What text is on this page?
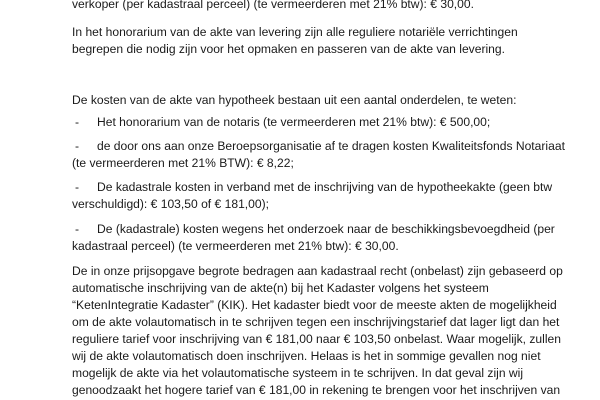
verkoper (per kadastraal perceel) (te vermeerderen met 21% btw): € 30,00.
In het honorarium van de akte van levering zijn alle reguliere notariële verrichtingen
begrepen die nodig zijn voor het opmaken en passeren van de akte van levering.
De kosten van de akte van hypotheek bestaan uit een aantal onderdelen, te weten:
- Het honorarium van de notaris (te vermeerderen met 21% btw): € 500,00;
- de door ons aan onze Beroepsorganisatie af te dragen kosten Kwaliteitsfonds Notariaat
(te vermeerderen met 21% BTW): € 8,22;
- De kadastrale kosten in verband met de inschrijving van de hypotheekakte (geen btw
verschuldigd): € 103,50 of € 181,00);
- De (kadastrale) kosten wegens het onderzoek naar de beschikkingsbevoegdheid (per
kadastraal perceel) (te vermeerderen met 21% btw): € 30,00.
De in onze prijsopgave begrote bedragen aan kadastraal recht (onbelast) zijn gebaseerd op
automatische inschrijving van de akte(n) bij het Kadaster volgens het systeem
“KetenIntegratie Kadaster” (KIK). Het kadaster biedt voor de meeste akten de mogelijkheid
om de akte volautomatisch in te schrijven tegen een inschrijvingstarief dat lager ligt dan het
reguliere tarief voor inschrijving van € 181,00 naar € 103,50 onbelast. Waar mogelijk, zullen
wij de akte volautomatisch doen inschrijven. Helaas is het in sommige gevallen nog niet
mogelijk de akte via het volautomatische systeem in te schrijven. In dat geval zijn wij
genoodzaakt het hogere tarief van € 181,00 in rekening te brengen voor het inschrijven van
